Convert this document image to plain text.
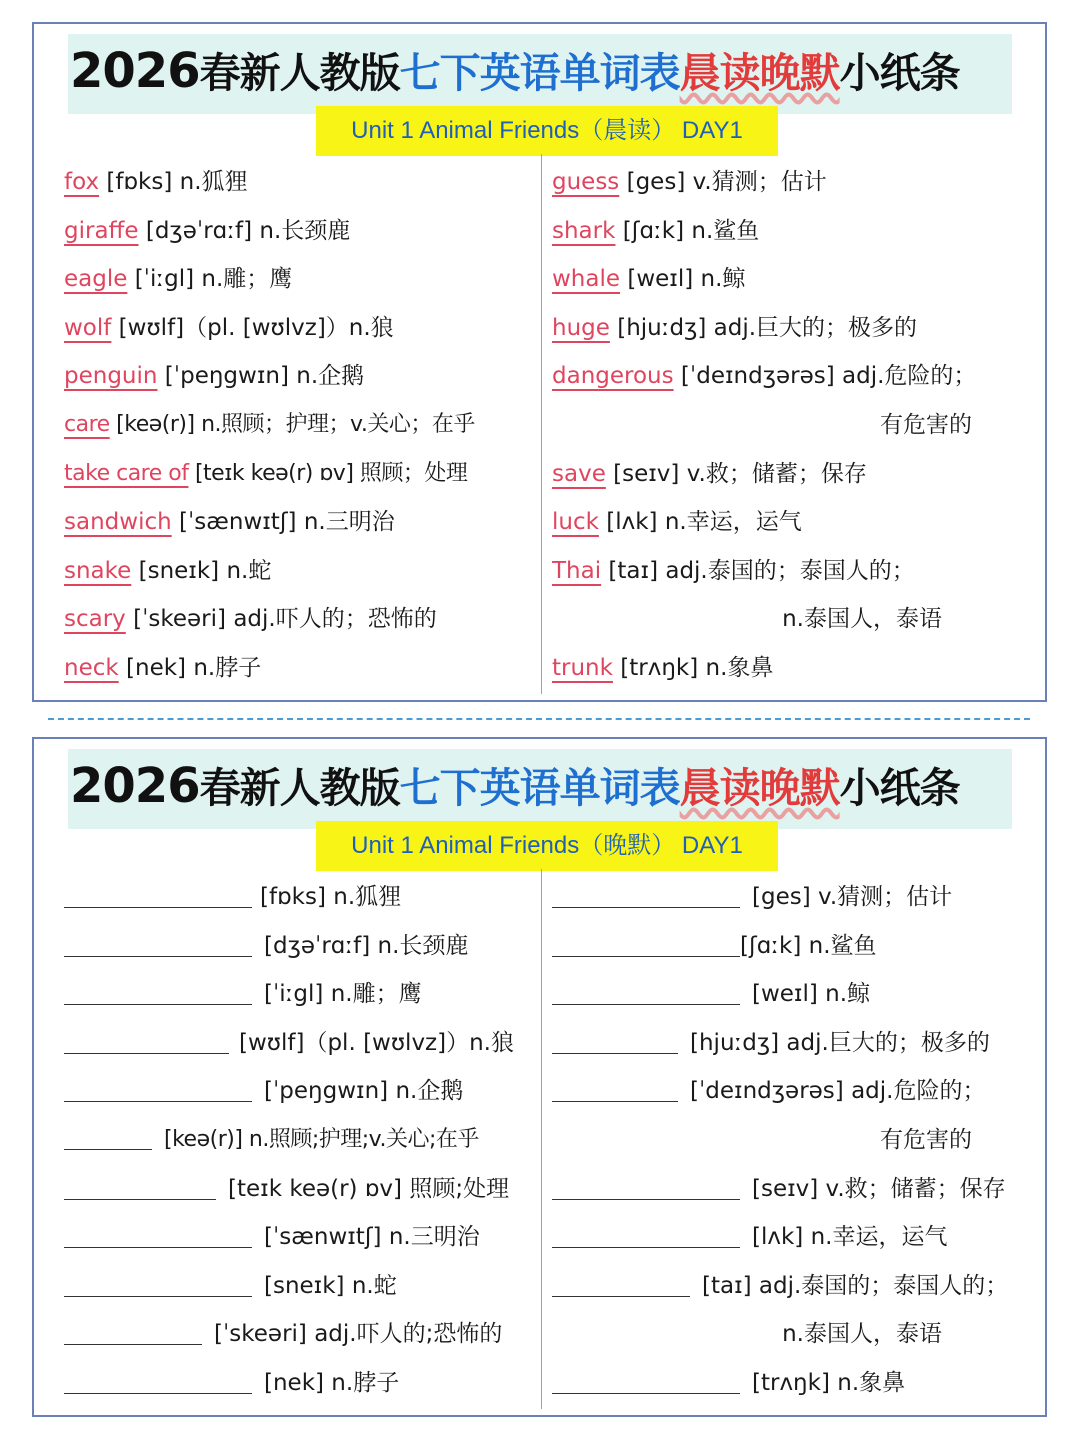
2026春新人教版七下英语单词表晨读晚默小纸条
Unit 1 Animal Friends（晨读） DAY1
fox [fɒks] n.狐狸
giraffe [dʒəˈrɑːf] n.长颈鹿
eagle [ˈiːgl] n.雕；鹰
wolf [wʊlf]（pl. [wʊlvz]）n.狼
penguin [ˈpeŋgwɪn] n.企鹅
care [keə(r)] n.照顾；护理；v.关心；在乎
take care of [teɪk keə(r) ɒv] 照顾；处理
sandwich [ˈsænwɪtʃ] n.三明治
snake [sneɪk] n.蛇
scary [ˈskeəri] adj.吓人的；恐怖的
neck [nek] n.脖子
guess [ges] v.猜测；估计
shark [ʃɑːk] n.鲨鱼
whale [weɪl] n.鲸
huge [hjuːdʒ] adj.巨大的；极多的
dangerous [ˈdeɪndʒərəs] adj.危险的；
有危害的
save [seɪv] v.救；储蓄；保存
luck [lʌk] n.幸运，运气
Thai [taɪ] adj.泰国的；泰国人的；
n.泰国人，泰语
trunk [trʌŋk] n.象鼻
2026春新人教版七下英语单词表晨读晚默小纸条
Unit 1 Animal Friends（晚默） DAY1
[fɒks] n.狐狸
[dʒəˈrɑːf] n.长颈鹿
[ˈiːgl] n.雕；鹰
[wʊlf]（pl. [wʊlvz]）n.狼
[ˈpeŋgwɪn] n.企鹅
[keə(r)] n.照顾;护理;v.关心;在乎
[teɪk keə(r) ɒv] 照顾;处理
[ˈsænwɪtʃ] n.三明治
[sneɪk] n.蛇
[ˈskeəri] adj.吓人的;恐怖的
[nek] n.脖子
[ges] v.猜测；估计
[ʃɑːk] n.鲨鱼
[weɪl] n.鲸
[hjuːdʒ] adj.巨大的；极多的
[ˈdeɪndʒərəs] adj.危险的；
有危害的
[seɪv] v.救；储蓄；保存
[lʌk] n.幸运，运气
[taɪ] adj.泰国的；泰国人的；
n.泰国人，泰语
[trʌŋk] n.象鼻
